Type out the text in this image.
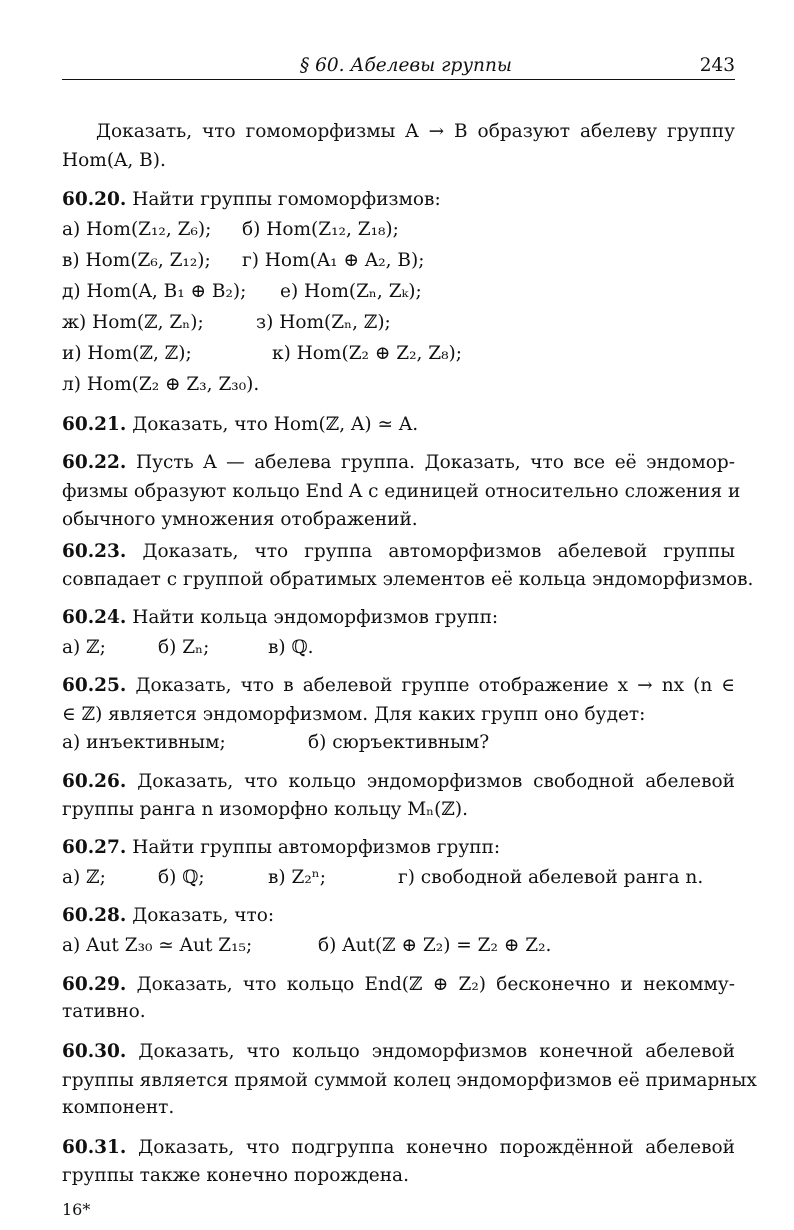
§ 60. Абелевы группы	243
Доказать, что гомоморфизмы A → B образуют абелеву группу
Hom(A, B).
60.20. Найти группы гомоморфизмов:
а) Hom(Z₁₂, Z₆); б) Hom(Z₁₂, Z₁₈);
в) Hom(Z₆, Z₁₂); г) Hom(A₁ ⊕ A₂, B);
д) Hom(A, B₁ ⊕ B₂); е) Hom(Zₙ, Zₖ);
ж) Hom(ℤ, Zₙ);	з) Hom(Zₙ, ℤ);
и) Hom(ℤ, ℤ);	к) Hom(Z₂ ⊕ Z₂, Z₈);
л) Hom(Z₂ ⊕ Z₃, Z₃₀).
60.21. Доказать, что Hom(ℤ, A) ≃ A.
60.22. Пусть A — абелева группа. Доказать, что все её эндомор-
физмы образуют кольцо End A с единицей относительно сложения и
обычного умножения отображений.
60.23. Доказать, что группа автоморфизмов абелевой группы
совпадает с группой обратимых элементов её кольца эндоморфизмов.
60.24. Найти кольца эндоморфизмов групп:
а) ℤ;	б) Zₙ;	в) ℚ.
60.25. Доказать, что в абелевой группе отображение x → nx (n ∈
∈ ℤ) является эндоморфизмом. Для каких групп оно будет:
а) инъективным;	б) сюръективным?
60.26. Доказать, что кольцо эндоморфизмов свободной абелевой
группы ранга n изоморфно кольцу Mₙ(ℤ).
60.27. Найти группы автоморфизмов групп:
а) ℤ;	б) ℚ;	в) Z₂ⁿ;	г) свободной абелевой ранга n.
60.28. Доказать, что:
а) Aut Z₃₀ ≃ Aut Z₁₅;	б) Aut(ℤ ⊕ Z₂) = Z₂ ⊕ Z₂.
60.29. Доказать, что кольцо End(ℤ ⊕ Z₂) бесконечно и некомму-
тативно.
60.30. Доказать, что кольцо эндоморфизмов конечной абелевой
группы является прямой суммой колец эндоморфизмов её примарных
компонент.
60.31. Доказать, что подгруппа конечно порождённой абелевой
группы также конечно порождена.
16*
